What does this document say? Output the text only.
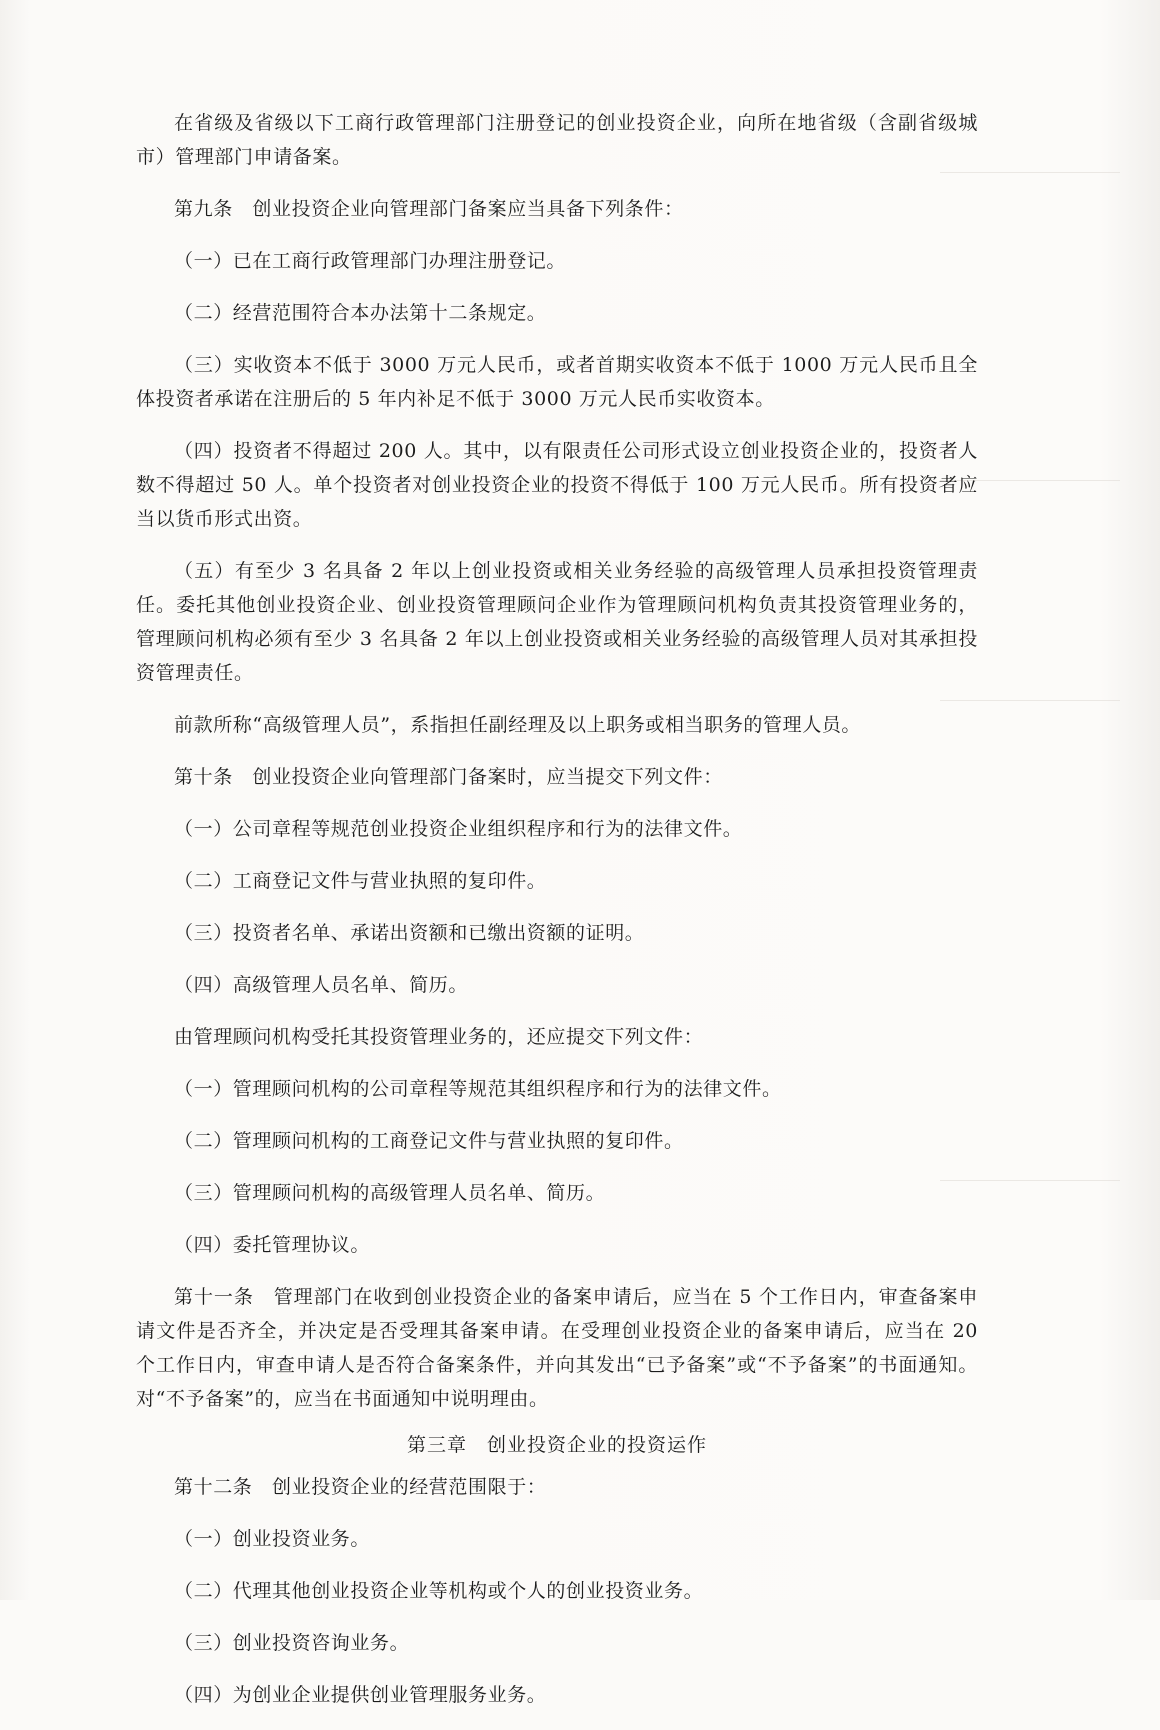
在省级及省级以下工商行政管理部门注册登记的创业投资企业，向所在地省级（含副省级城市）管理部门申请备案。

第九条　创业投资企业向管理部门备案应当具备下列条件：

（一）已在工商行政管理部门办理注册登记。

（二）经营范围符合本办法第十二条规定。

（三）实收资本不低于 3000 万元人民币，或者首期实收资本不低于 1000 万元人民币且全体投资者承诺在注册后的 5 年内补足不低于 3000 万元人民币实收资本。

（四）投资者不得超过 200 人。其中，以有限责任公司形式设立创业投资企业的，投资者人数不得超过 50 人。单个投资者对创业投资企业的投资不得低于 100 万元人民币。所有投资者应当以货币形式出资。

（五）有至少 3 名具备 2 年以上创业投资或相关业务经验的高级管理人员承担投资管理责任。委托其他创业投资企业、创业投资管理顾问企业作为管理顾问机构负责其投资管理业务的，管理顾问机构必须有至少 3 名具备 2 年以上创业投资或相关业务经验的高级管理人员对其承担投资管理责任。

前款所称“高级管理人员”，系指担任副经理及以上职务或相当职务的管理人员。

第十条　创业投资企业向管理部门备案时，应当提交下列文件：

（一）公司章程等规范创业投资企业组织程序和行为的法律文件。

（二）工商登记文件与营业执照的复印件。

（三）投资者名单、承诺出资额和已缴出资额的证明。

（四）高级管理人员名单、简历。

由管理顾问机构受托其投资管理业务的，还应提交下列文件：

（一）管理顾问机构的公司章程等规范其组织程序和行为的法律文件。

（二）管理顾问机构的工商登记文件与营业执照的复印件。

（三）管理顾问机构的高级管理人员名单、简历。

（四）委托管理协议。

第十一条　管理部门在收到创业投资企业的备案申请后，应当在 5 个工作日内，审查备案申请文件是否齐全，并决定是否受理其备案申请。在受理创业投资企业的备案申请后，应当在 20 个工作日内，审查申请人是否符合备案条件，并向其发出“已予备案”或“不予备案”的书面通知。对“不予备案”的，应当在书面通知中说明理由。

第三章　创业投资企业的投资运作

第十二条　创业投资企业的经营范围限于：

（一）创业投资业务。

（二）代理其他创业投资企业等机构或个人的创业投资业务。

（三）创业投资咨询业务。

（四）为创业企业提供创业管理服务业务。
